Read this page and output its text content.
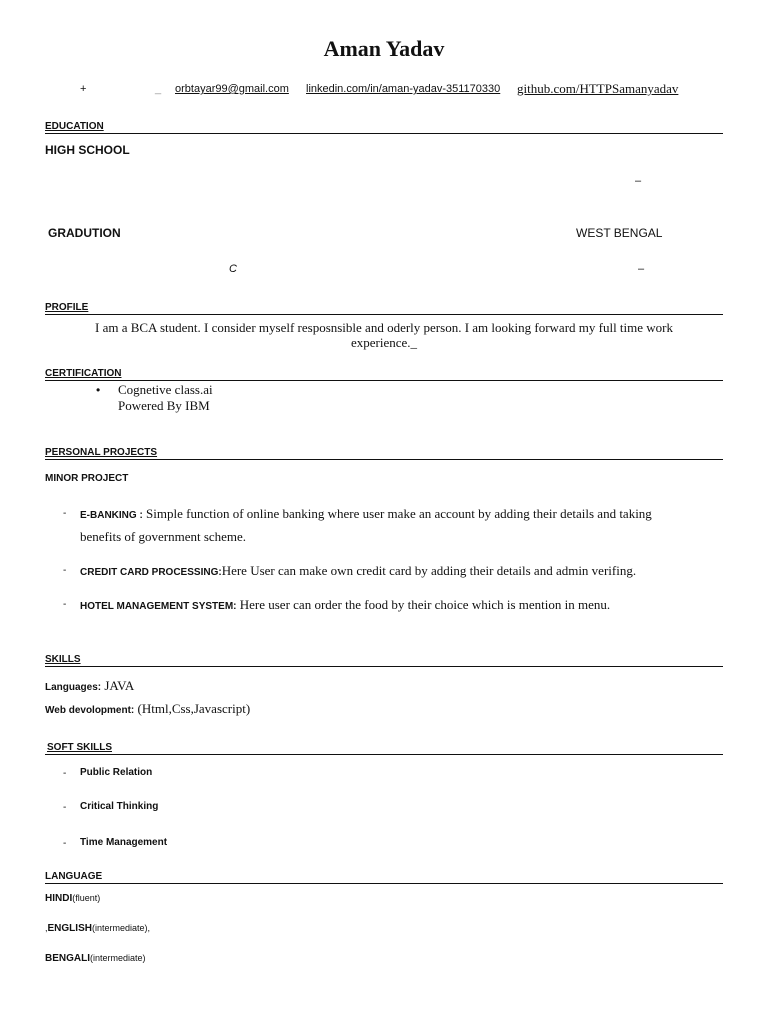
Aman Yadav
+	_ orbtayar99@gmail.com linkedin.com/in/aman-yadav-351170330 github.com/HTTPSamanyadav
EDUCATION
HIGH SCHOOL
–
GRADUTION	WEST BENGAL
C	–
PROFILE
I am a BCA student. I consider myself resposnsible and oderly person. I am looking forward my full time work
experience._
CERTIFICATION
• Cognetive class.ai
Powered By IBM
PERSONAL PROJECTS
MINOR PROJECT
- E-BANKING : Simple function of online banking where user make an account by adding their details and taking
benefits of government scheme.
- CREDIT CARD PROCESSING:Here User can make own credit card by adding their details and admin verifing.
- HOTEL MANAGEMENT SYSTEM: Here user can order the food by their choice which is mention in menu.
SKILLS
Languages: JAVA
Web devolopment: (Html,Css,Javascript)
SOFT SKILLS
- Public Relation
- Critical Thinking
- Time Management
LANGUAGE
HINDI(fluent)
,ENGLISH(intermediate),
BENGALI(intermediate)
